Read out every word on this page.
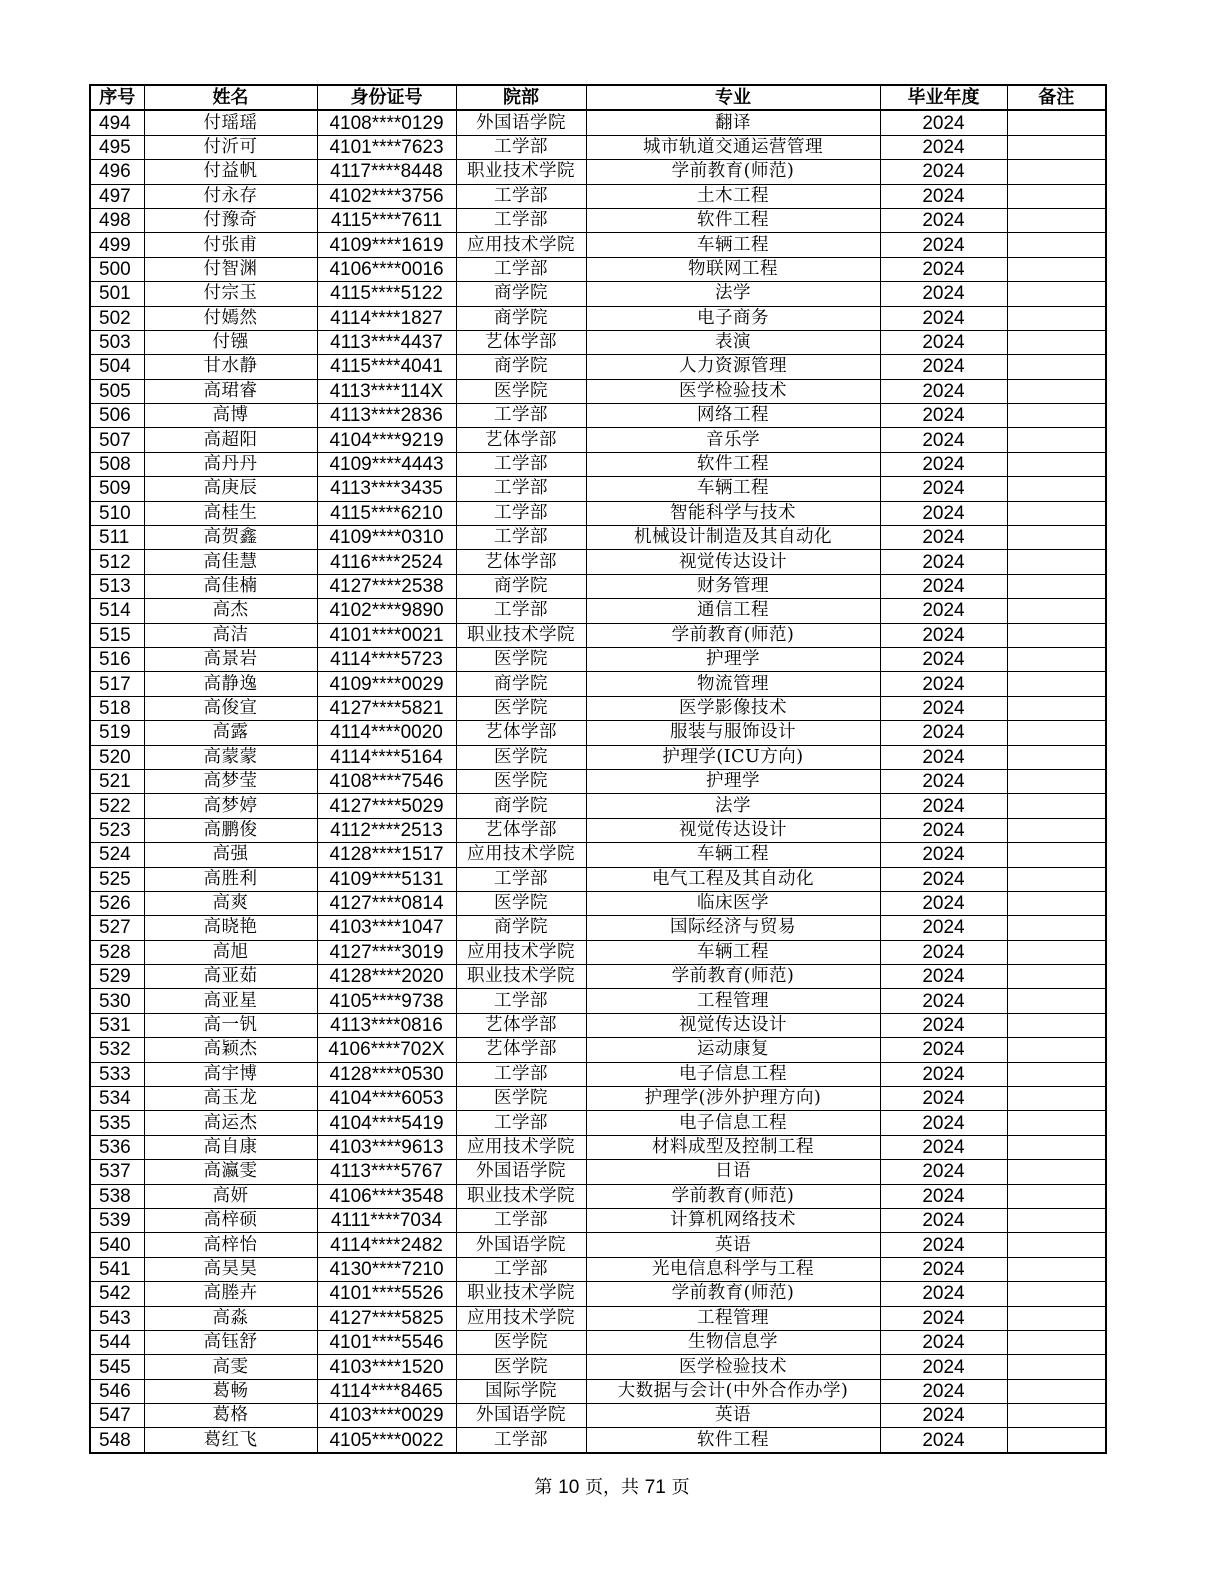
序号	姓名	身份证号	院部	专业	毕业年度	备注
494	付瑶瑶	4108****0129	外国语学院	翻译	2024	
495	付沂可	4101****7623	工学部	城市轨道交通运营管理	2024	
496	付益帆	4117****8448	职业技术学院	学前教育(师范)	2024	
497	付永存	4102****3756	工学部	土木工程	2024	
498	付豫奇	4115****7611	工学部	软件工程	2024	
499	付张甫	4109****1619	应用技术学院	车辆工程	2024	
500	付智渊	4106****0016	工学部	物联网工程	2024	
501	付宗玉	4115****5122	商学院	法学	2024	
502	付嫣然	4114****1827	商学院	电子商务	2024	
503	付镪	4113****4437	艺体学部	表演	2024	
504	甘水静	4115****4041	商学院	人力资源管理	2024	
505	高珺睿	4113****114X	医学院	医学检验技术	2024	
506	高博	4113****2836	工学部	网络工程	2024	
507	高超阳	4104****9219	艺体学部	音乐学	2024	
508	高丹丹	4109****4443	工学部	软件工程	2024	
509	高庚辰	4113****3435	工学部	车辆工程	2024	
510	高桂生	4115****6210	工学部	智能科学与技术	2024	
511	高贺鑫	4109****0310	工学部	机械设计制造及其自动化	2024	
512	高佳慧	4116****2524	艺体学部	视觉传达设计	2024	
513	高佳楠	4127****2538	商学院	财务管理	2024	
514	高杰	4102****9890	工学部	通信工程	2024	
515	高洁	4101****0021	职业技术学院	学前教育(师范)	2024	
516	高景岩	4114****5723	医学院	护理学	2024	
517	高静逸	4109****0029	商学院	物流管理	2024	
518	高俊宣	4127****5821	医学院	医学影像技术	2024	
519	高露	4114****0020	艺体学部	服装与服饰设计	2024	
520	高蒙蒙	4114****5164	医学院	护理学(ICU方向)	2024	
521	高梦莹	4108****7546	医学院	护理学	2024	
522	高梦婷	4127****5029	商学院	法学	2024	
523	高鹏俊	4112****2513	艺体学部	视觉传达设计	2024	
524	高强	4128****1517	应用技术学院	车辆工程	2024	
525	高胜利	4109****5131	工学部	电气工程及其自动化	2024	
526	高爽	4127****0814	医学院	临床医学	2024	
527	高晓艳	4103****1047	商学院	国际经济与贸易	2024	
528	高旭	4127****3019	应用技术学院	车辆工程	2024	
529	高亚茹	4128****2020	职业技术学院	学前教育(师范)	2024	
530	高亚星	4105****9738	工学部	工程管理	2024	
531	高一钒	4113****0816	艺体学部	视觉传达设计	2024	
532	高颖杰	4106****702X	艺体学部	运动康复	2024	
533	高宇博	4128****0530	工学部	电子信息工程	2024	
534	高玉龙	4104****6053	医学院	护理学(涉外护理方向)	2024	
535	高运杰	4104****5419	工学部	电子信息工程	2024	
536	高自康	4103****9613	应用技术学院	材料成型及控制工程	2024	
537	高瀛雯	4113****5767	外国语学院	日语	2024	
538	高妍	4106****3548	职业技术学院	学前教育(师范)	2024	
539	高梓硕	4111****7034	工学部	计算机网络技术	2024	
540	高梓怡	4114****2482	外国语学院	英语	2024	
541	高昊昊	4130****7210	工学部	光电信息科学与工程	2024	
542	高塍卉	4101****5526	职业技术学院	学前教育(师范)	2024	
543	高淼	4127****5825	应用技术学院	工程管理	2024	
544	高钰舒	4101****5546	医学院	生物信息学	2024	
545	高雯	4103****1520	医学院	医学检验技术	2024	
546	葛畅	4114****8465	国际学院	大数据与会计(中外合作办学)	2024	
547	葛格	4103****0029	外国语学院	英语	2024	
548	葛红飞	4105****0022	工学部	软件工程	2024	
第 10 页，共 71 页
